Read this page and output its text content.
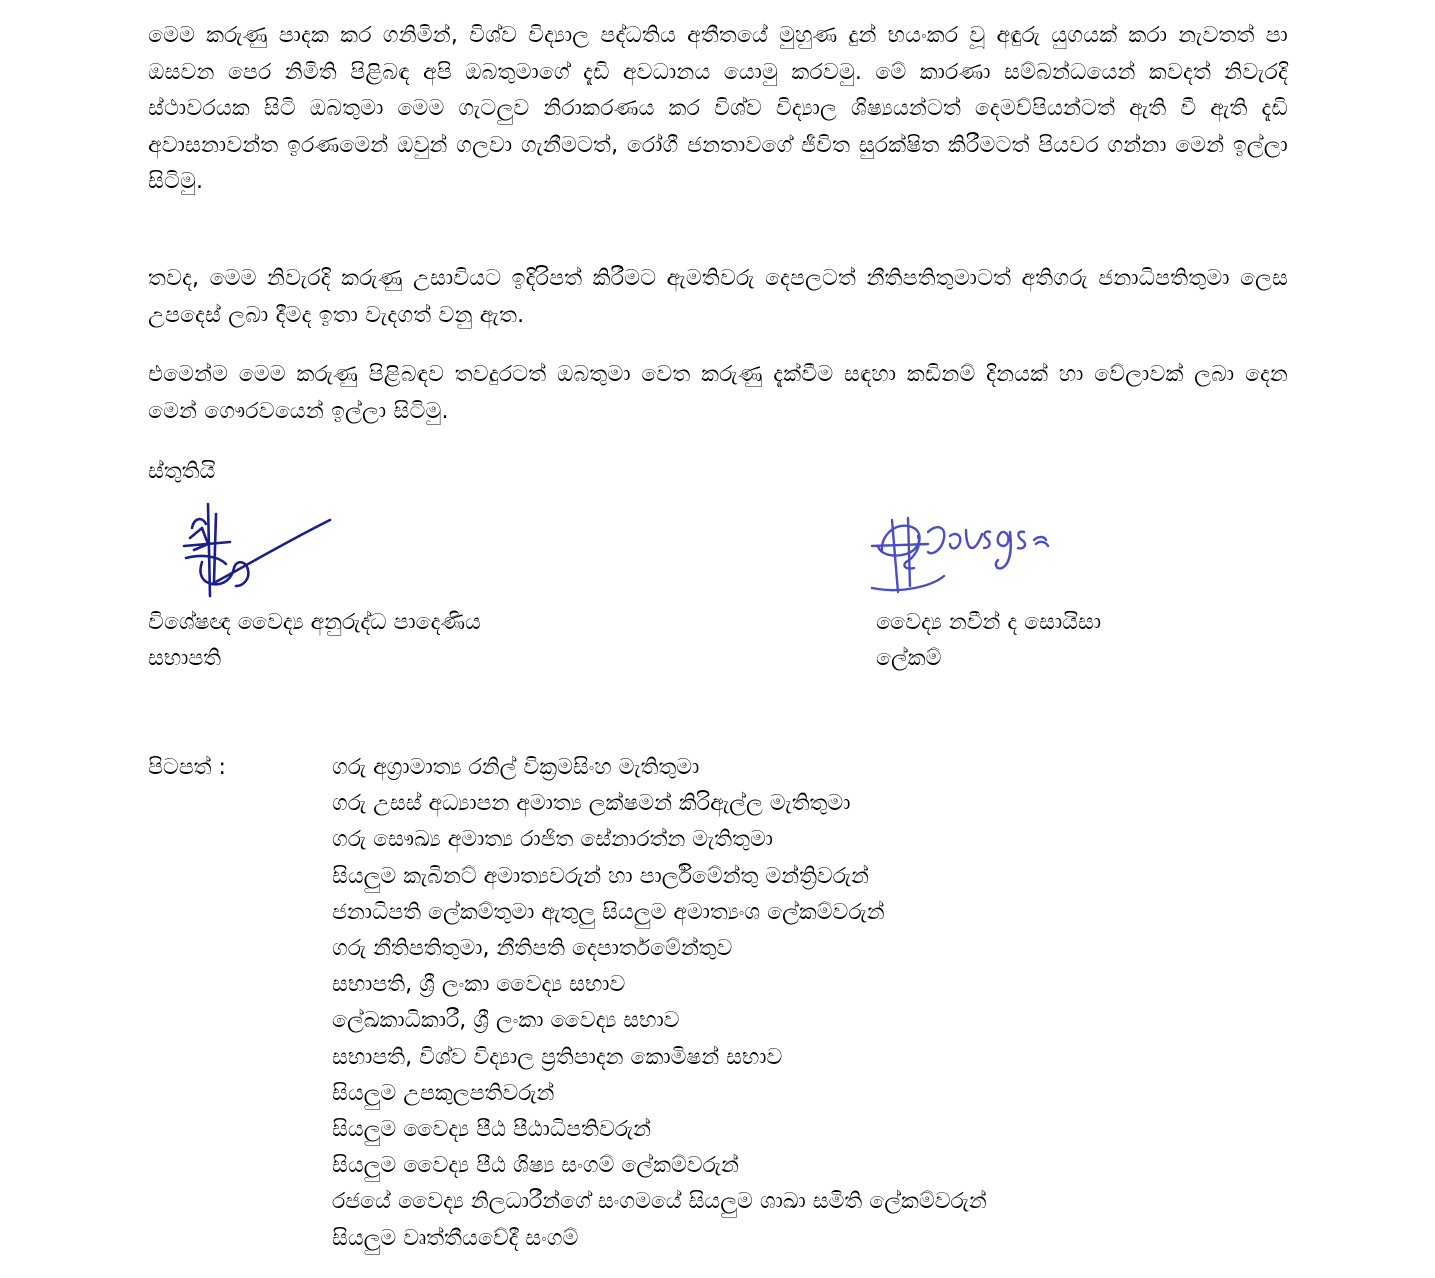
මෙම කරුණු පාදක කර ගනිමින්, විශ්ව විද්‍යාල පද්ධතිය අතීතයේ මුහුණ දුන් භයංකර වූ අඳුරු යුගයක් කරා නැවතත් පා ඔසවන පෙර නිමිති පිළිබඳ අපි ඔබතුමාගේ දැඩි අවධානය යොමු කරවමු. මේ කාරණා සම්බන්ධයෙන් කවදත් නිවැරදි ස්ථාවරයක සිටි ඔබතුමා මෙම ගැටලුව නිරාකරණය කර විශ්ව විද්‍යාල ශිෂ්‍යයන්ටත් දෙමව්පියන්ටත් ඇති වී ඇති දැඩි අවාසනාවන්ත ඉරණමෙන් ඔවුන් ගලවා ගැනීමටත්, රෝගී ජනතාවගේ ජීවිත සුරක්ෂිත කිරීමටත් පියවර ගන්නා මෙන් ඉල්ලා සිටිමු.

තවද, මෙම නිවැරදි කරුණු උසාවියට ඉදිරිපත් කිරීමට ඇමතිවරු දෙපලටත් නීතිපතිතුමාටත් අතිගරු ජනාධිපතිතුමා ලෙස උපදෙස් ලබා දීමද ඉතා වැදගත් වනු ඇත.

එමෙන්ම මෙම කරුණු පිළිබඳව තවදුරටත් ඔබතුමා වෙත කරුණු දැක්වීම සඳහා කඩිනම් දිනයක් හා වේලාවක් ලබා දෙන මෙන් ගෞරවයෙන් ඉල්ලා සිටිමු.

ස්තුතියි
විශේෂඥ වෛද්‍ය අනුරුද්ධ පාදෙණිය
සභාපති
වෛද්‍ය නවීන් ද සොයිසා
ලේකම්
පිටපත් :	ගරු අග්‍රාමාත්‍ය රනිල් වික්‍රමසිංහ මැතිතුමා
ගරු උසස් අධ්‍යාපන අමාත්‍ය ලක්ෂමන් කිරිඇල්ල මැතිතුමා
ගරු සෞඛ්‍ය අමාත්‍ය රාජිත සේනාරත්න මැතිතුමා
සියලුම කැබිනට් අමාත්‍යවරුන් හා පාර්ලිමේන්තු මන්ත්‍රිවරුන්
ජනාධිපති ලේකම්තුමා ඇතුලු සියලුම අමාත්‍යංශ ලේකම්වරුන්
ගරු නීතිපතිතුමා, නීතිපති දෙපාර්තමේන්තුව
සභාපති, ශ්‍රී ලංකා වෛද්‍ය සභාව
ලේඛකාධිකාරී, ශ්‍රී ලංකා වෛද්‍ය සභාව
සභාපති, විශ්ව විද්‍යාල ප්‍රතිපාදන කොමිෂන් සභාව
සියලුම උපකුලපතිවරුන්
සියලුම වෛද්‍ය පීඨ පීඨාධිපතිවරුන්
සියලුම වෛද්‍ය පීඨ ශිෂ්‍ය සංගම් ලේකම්වරුන්
රජයේ වෛද්‍ය නිලධාරීන්ගේ සංගමයේ සියලුම ශාඛා සමිති ලේකම්වරුන්
සියලුම වෘත්තීයවේදී සංගම්
